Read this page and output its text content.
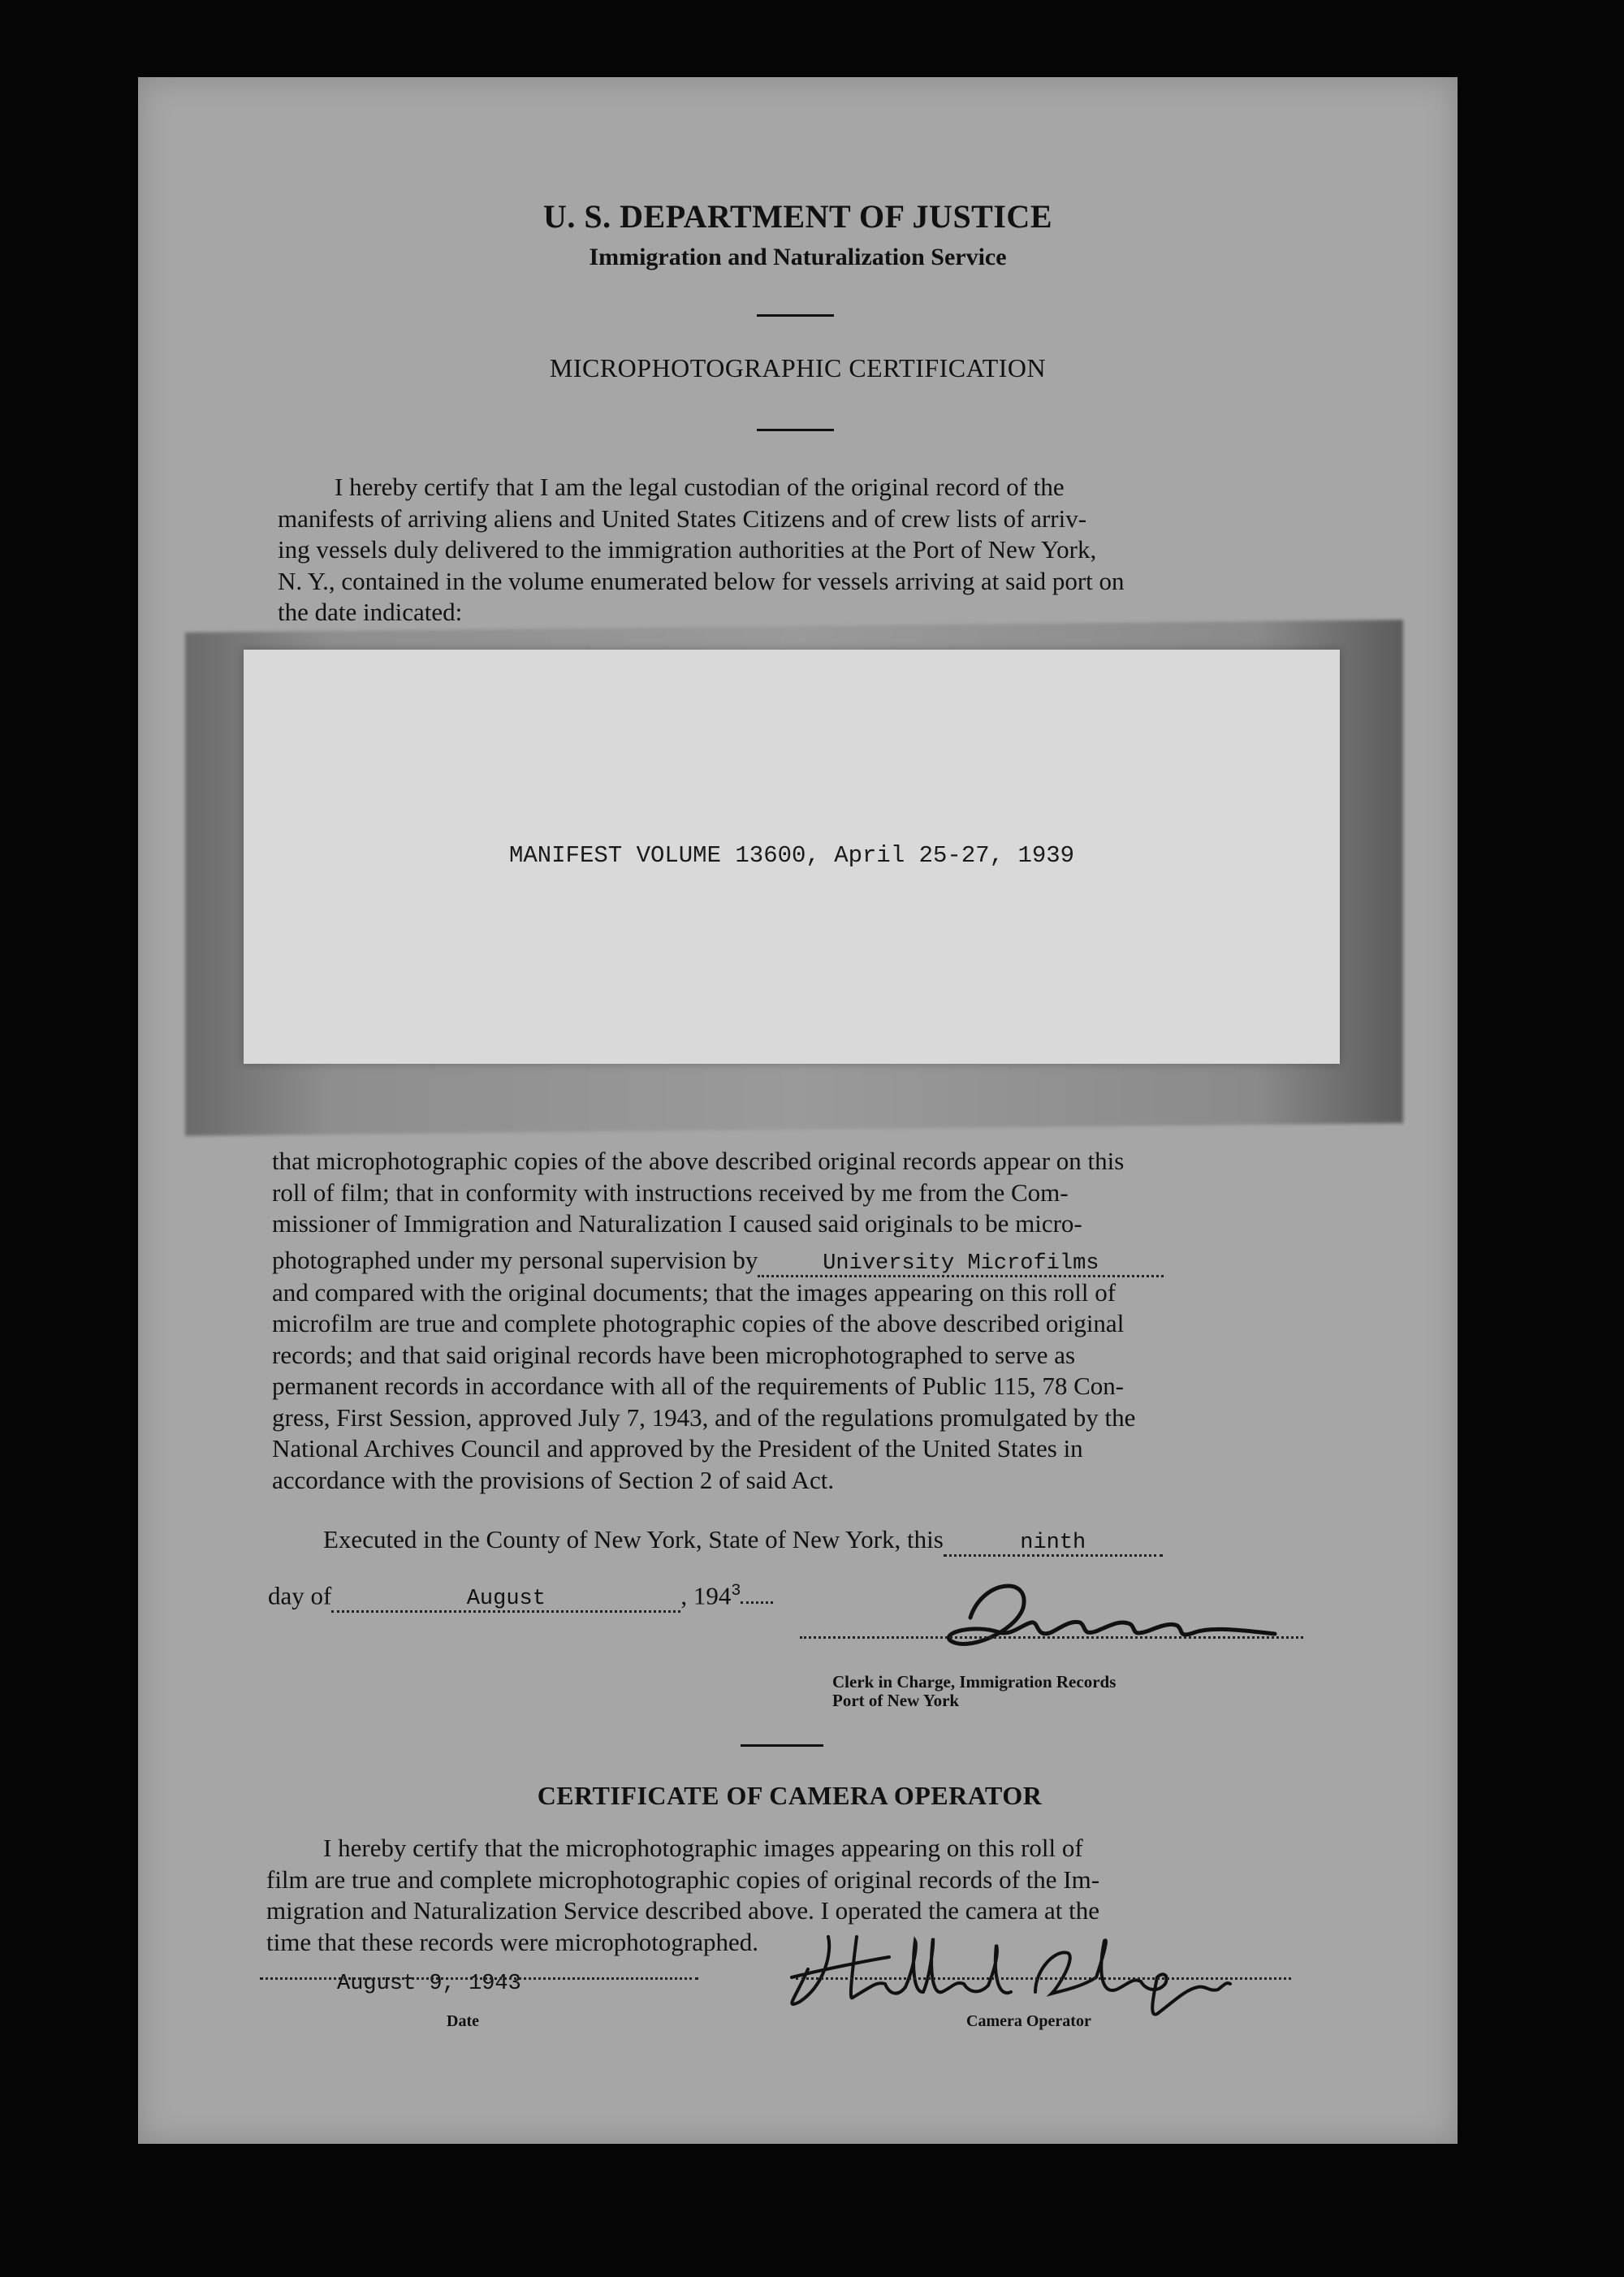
U. S. DEPARTMENT OF JUSTICE
Immigration and Naturalization Service
MICROPHOTOGRAPHIC CERTIFICATION

I hereby certify that I am the legal custodian of the original record of the

manifests of arriving aliens and United States Citizens and of crew lists of arriv-

ing vessels duly delivered to the immigration authorities at the Port of New York,

N. Y., contained in the volume enumerated below for vessels arriving at said port on

the date indicated:

MANIFEST VOLUME 13600, April 25-27, 1939

that microphotographic copies of the above described original records appear on this

roll of film; that in conformity with instructions received by me from the Com-

missioner of Immigration and Naturalization I caused said originals to be micro-

photographed under my personal supervision by	University Microfilms

and compared with the original documents; that the images appearing on this roll of

microfilm are true and complete photographic copies of the above described original

records; and that said original records have been microphotographed to serve as

permanent records in accordance with all of the requirements of Public 115, 78 Con-

gress, First Session, approved July 7, 1943, and of the regulations promulgated by the

National Archives Council and approved by the President of the United States in

accordance with the provisions of Section 2 of said Act.

Executed in the County of New York, State of New York, this	ninth
day of	August	, $194^3$
Clerk in Charge, Immigration Records
Port of New York
CERTIFICATE OF CAMERA OPERATOR

I hereby certify that the microphotographic images appearing on this roll of

film are true and complete microphotographic copies of original records of the Im-

migration and Naturalization Service described above. I operated the camera at the

time that these records were microphotographed.

August 9, 1943
Date	Camera Operator
